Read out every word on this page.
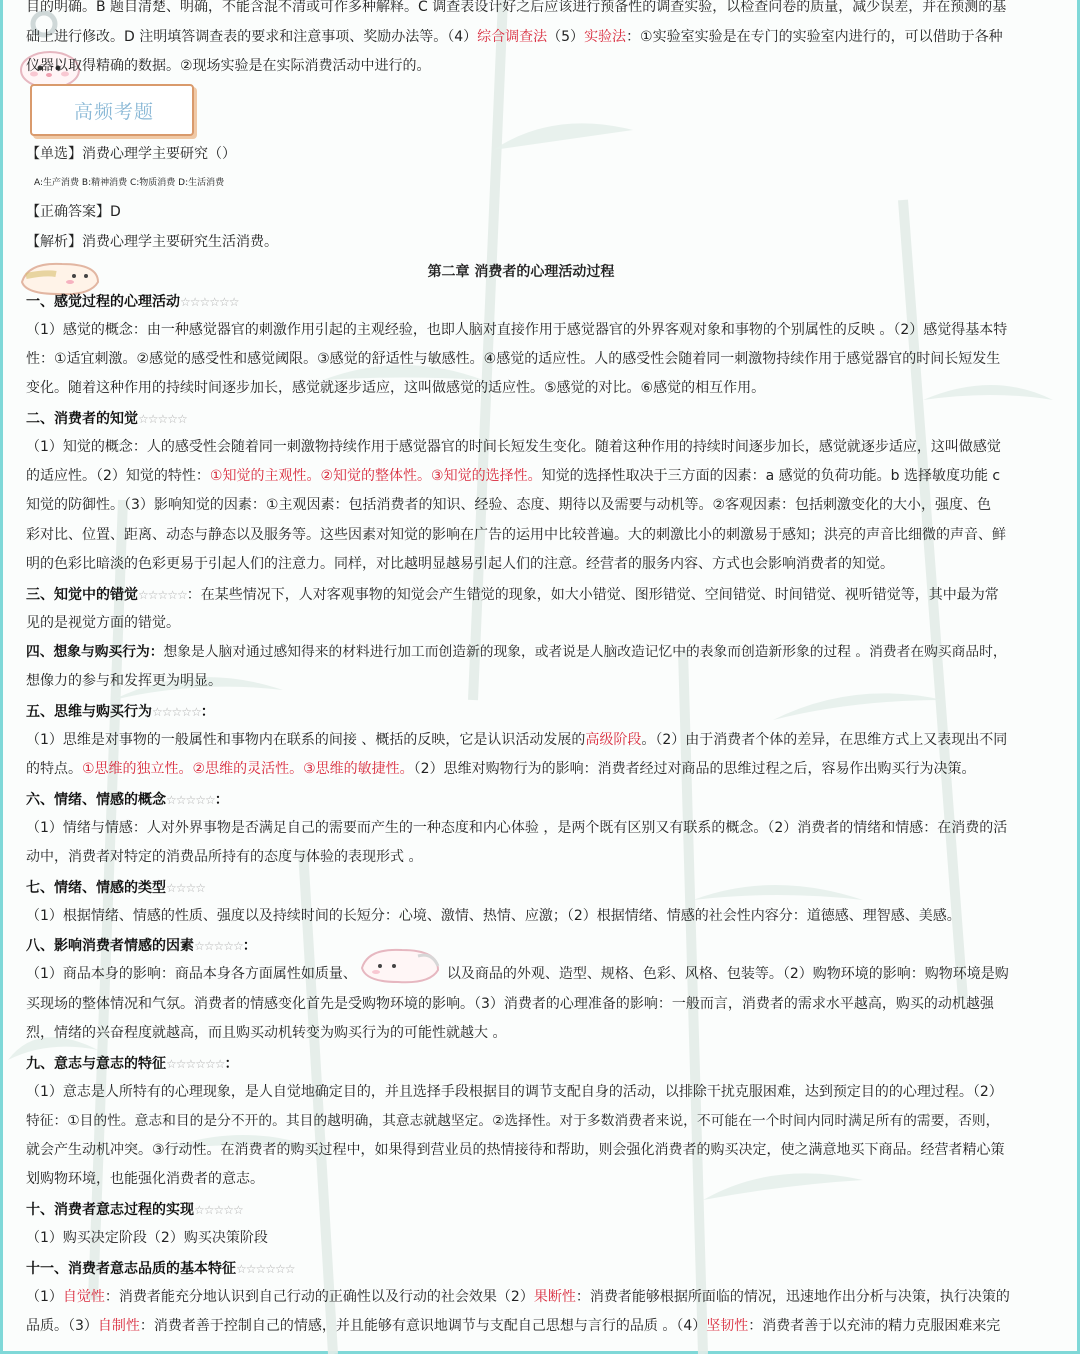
高频考题
目的明确。B 题目清楚、明确，不能含混不清或可作多种解释。C 调查表设计好之后应该进行预备性的调查实验，以检查问卷的质量，减少误差，并在预测的基
础上进行修改。D 注明填答调查表的要求和注意事项、奖励办法等。（4）综合调查法（5）实验法：①实验室实验是在专门的实验室内进行的，可以借助于各种
仪器以取得精确的数据。②现场实验是在实际消费活动中进行的。
【单选】消费心理学主要研究（）
A:生产消费 B:精神消费 C:物质消费 D:生活消费
【正确答案】D
【解析】消费心理学主要研究生活消费。
第二章 消费者的心理活动过程
一、感觉过程的心理活动☆☆☆☆☆☆
（1）感觉的概念：由一种感觉器官的刺激作用引起的主观经验，也即人脑对直接作用于感觉器官的外界客观对象和事物的个别属性的反映 。（2）感觉得基本特
性：①适宜刺激。②感觉的感受性和感觉阈限。③感觉的舒适性与敏感性。④感觉的适应性。人的感受性会随着同一刺激物持续作用于感觉器官的时间长短发生
变化。随着这种作用的持续时间逐步加长，感觉就逐步适应，这叫做感觉的适应性。⑤感觉的对比。⑥感觉的相互作用。
二、消费者的知觉☆☆☆☆☆
（1）知觉的概念：人的感受性会随着同一刺激物持续作用于感觉器官的时间长短发生变化。随着这种作用的持续时间逐步加长，感觉就逐步适应，这叫做感觉
的适应性。（2）知觉的特性：①知觉的主观性。②知觉的整体性。③知觉的选择性。知觉的选择性取决于三方面的因素：a 感觉的负荷功能。b 选择敏度功能 c
知觉的防御性。（3）影响知觉的因素：①主观因素：包括消费者的知识、经验、态度、期待以及需要与动机等。②客观因素：包括刺激变化的大小，强度、色
彩对比、位置、距离、动态与静态以及服务等。这些因素对知觉的影响在广告的运用中比较普遍。大的刺激比小的刺激易于感知；洪亮的声音比细微的声音、鲜
明的色彩比暗淡的色彩更易于引起人们的注意力。同样，对比越明显越易引起人们的注意。经营者的服务内容、方式也会影响消费者的知觉。
三、知觉中的错觉☆☆☆☆☆：在某些情况下，人对客观事物的知觉会产生错觉的现象，如大小错觉、图形错觉、空间错觉、时间错觉、视听错觉等，其中最为常
见的是视觉方面的错觉。
四、想象与购买行为：想象是人脑对通过感知得来的材料进行加工而创造新的现象，或者说是人脑改造记忆中的表象而创造新形象的过程 。消费者在购买商品时，
想像力的参与和发挥更为明显。
五、思维与购买行为☆☆☆☆☆：
（1）思维是对事物的一般属性和事物内在联系的间接 、概括的反映，它是认识活动发展的高级阶段。（2）由于消费者个体的差异，在思维方式上又表现出不同
的特点。①思维的独立性。②思维的灵活性。③思维的敏捷性。（2）思维对购物行为的影响：消费者经过对商品的思维过程之后，容易作出购买行为决策。
六、情绪、情感的概念☆☆☆☆☆：
（1）情绪与情感：人对外界事物是否满足自己的需要而产生的一种态度和内心体验 ，是两个既有区别又有联系的概念。（2）消费者的情绪和情感：在消费的活
动中，消费者对特定的消费品所持有的态度与体验的表现形式 。
七、情绪、情感的类型☆☆☆☆
（1）根据情绪、情感的性质、强度以及持续时间的长短分：心境、激情、热情、应激；（2）根据情绪、情感的社会性内容分：道德感、理智感、美感。
八、影响消费者情感的因素☆☆☆☆☆：
（1）商品本身的影响：商品本身各方面属性如质量、	以及商品的外观、造型、规格、色彩、风格、包装等。（2）购物环境的影响：购物环境是购
买现场的整体情况和气氛。消费者的情感变化首先是受购物环境的影响。（3）消费者的心理准备的影响：一般而言，消费者的需求水平越高，购买的动机越强
烈，情绪的兴奋程度就越高，而且购买动机转变为购买行为的可能性就越大 。
九、意志与意志的特征☆☆☆☆☆☆：
（1）意志是人所特有的心理现象，是人自觉地确定目的，并且选择手段根据目的调节支配自身的活动，以排除干扰克服困难，达到预定目的的心理过程。（2）
特征：①目的性。意志和目的是分不开的。其目的越明确，其意志就越坚定。②选择性。对于多数消费者来说，不可能在一个时间内同时满足所有的需要，否则，
就会产生动机冲突。③行动性。在消费者的购买过程中，如果得到营业员的热情接待和帮助，则会强化消费者的购买决定，使之满意地买下商品。经营者精心策
划购物环境，也能强化消费者的意志。
十、消费者意志过程的实现☆☆☆☆☆
（1）购买决定阶段（2）购买决策阶段
十一、消费者意志品质的基本特征☆☆☆☆☆☆
（1）自觉性：消费者能充分地认识到自己行动的正确性以及行动的社会效果（2）果断性：消费者能够根据所面临的情况，迅速地作出分析与决策，执行决策的
品质。（3）自制性：消费者善于控制自己的情感，并且能够有意识地调节与支配自己思想与言行的品质 。（4）坚韧性：消费者善于以充沛的精力克服困难来完
